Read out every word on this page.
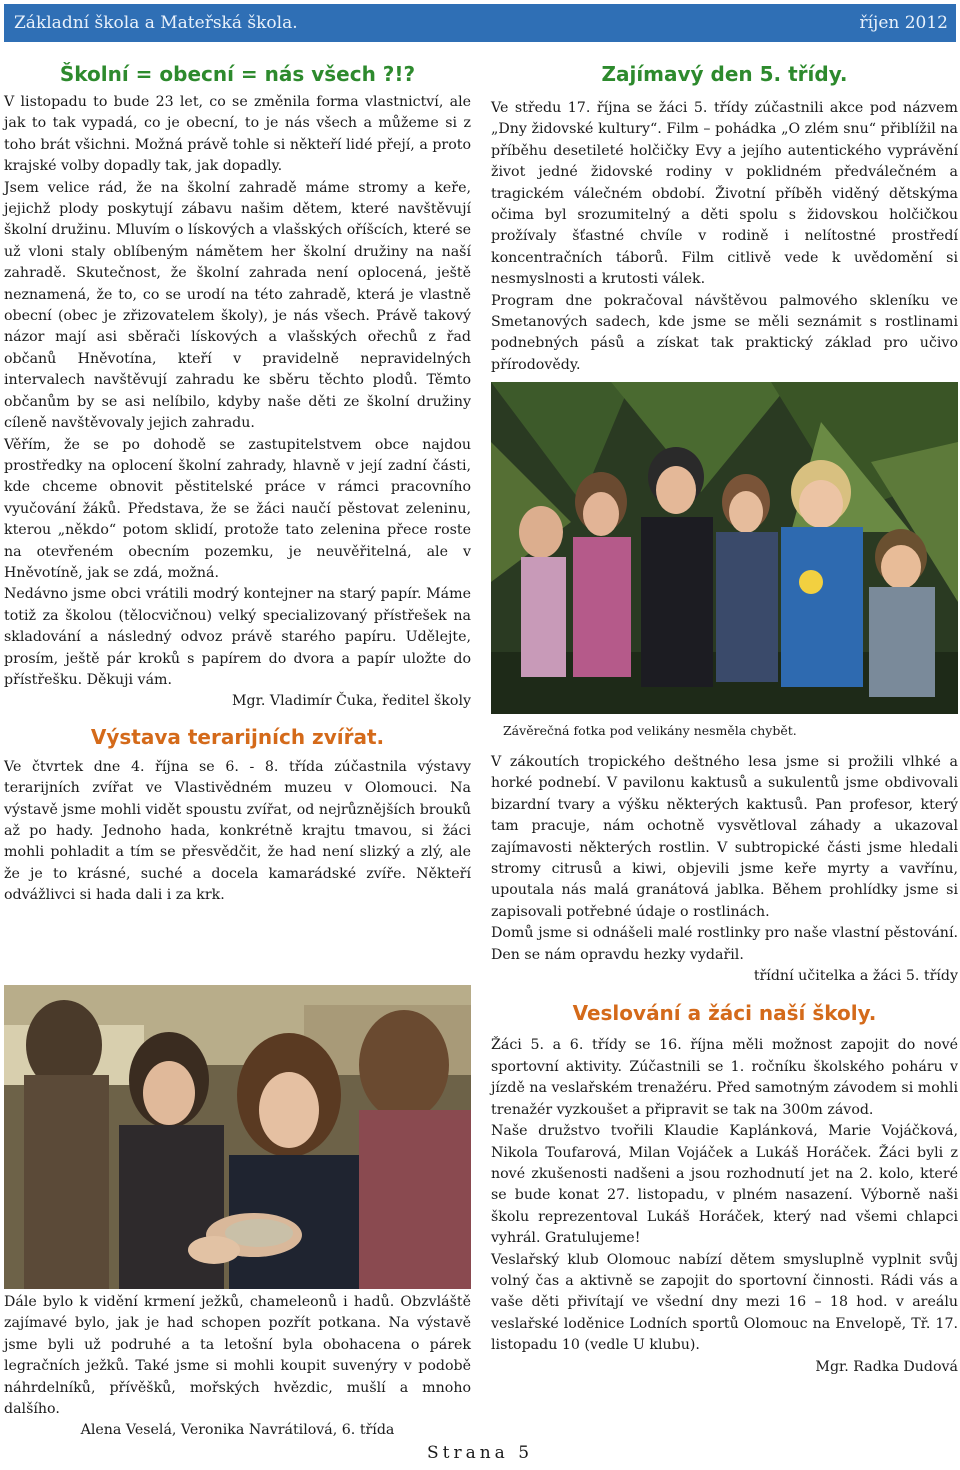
Základní škola a Mateřská škola.	říjen 2012
Školní = obecní = nás všech ?!?

V listopadu to bude 23 let, co se změnila forma vlastnictví, ale jak to tak vypadá, co je obecní, to je nás všech a můžeme si z toho brát všichni. Možná právě tohle si někteří lidé přejí, a proto krajské volby dopadly tak, jak dopadly.

Jsem velice rád, že na školní zahradě máme stromy a keře, jejichž plody poskytují zábavu našim dětem, které navštěvují školní družinu. Mluvím o lískových a vlašských oříšcích, které se už vloni staly oblíbeným námětem her školní družiny na naší zahradě. Skutečnost, že školní zahrada není oplocená, ještě neznamená, že to, co se urodí na této zahradě, která je vlastně obecní (obec je zřizovatelem školy), je nás všech. Právě takový názor mají asi sběrači lískových a vlašských ořechů z řad občanů Hněvotína, kteří v pravidelně nepravidelných intervalech navštěvují zahradu ke sběru těchto plodů. Těmto občanům by se asi nelíbilo, kdyby naše děti ze školní družiny cíleně navštěvovaly jejich zahradu.

Věřím, že se po dohodě se zastupitelstvem obce najdou prostředky na oplocení školní zahrady, hlavně v její zadní části, kde chceme obnovit pěstitelské práce v rámci pracovního vyučování žáků. Představa, že se žáci naučí pěstovat zeleninu, kterou „někdo“ potom sklidí, protože tato zelenina přece roste na otevřeném obecním pozemku, je neuvěřitelná, ale v Hněvotíně, jak se zdá, možná.

Nedávno jsme obci vrátili modrý kontejner na starý papír. Máme totiž za školou (tělocvičnou) velký specializovaný přístřešek na skladování a následný odvoz právě starého papíru. Udělejte, prosím, ještě pár kroků s papírem do dvora a papír uložte do přístřešku. Děkuji vám.

Mgr. Vladimír Čuka, ředitel školy

Výstava terarijních zvířat.

Ve čtvrtek dne 4. října se 6. - 8. třída zúčastnila výstavy terarijních zvířat ve Vlastivědném muzeu v Olomouci. Na výstavě jsme mohli vidět spoustu zvířat, od nejrůznějších brouků až po hady. Jednoho hada, konkrétně krajtu tmavou, si žáci mohli pohladit a tím se přesvědčit, že had není slizký a zlý, ale že je to krásné, suché a docela kamarádské zvíře. Někteří odvážlivci si hada dali i za krk.

Dále bylo k vidění krmení ježků, chameleonů i hadů. Obzvláště zajímavé bylo, jak je had schopen pozřít potkana. Na výstavě jsme byli už podruhé a ta letošní byla obohacena o párek legračních ježků. Také jsme si mohli koupit suvenýry v podobě náhrdelníků, přívěšků, mořských hvězdic, mušlí a mnoho dalšího.

Alena Veselá, Veronika Navrátilová, 6. třída

Zajímavý den 5. třídy.

Ve středu 17. října se žáci 5. třídy zúčastnili akce pod názvem „Dny židovské kultury“. Film – pohádka „O zlém snu“ přiblížil na příběhu desetileté holčičky Evy a jejího autentického vyprávění život jedné židovské rodiny v poklidném předválečném a tragickém válečném období. Životní příběh viděný dětskýma očima byl srozumitelný a děti spolu s židovskou holčičkou prožívaly šťastné chvíle v rodině i nelítostné prostředí koncentračních táborů. Film citlivě vede k uvědomění si nesmyslnosti a krutosti válek.

Program dne pokračoval návštěvou palmového skleníku ve Smetanových sadech, kde jsme se měli seznámit s rostlinami podnebných pásů a získat tak praktický základ pro učivo přírodovědy.

Závěrečná fotka pod velikány nesměla chybět.

V zákoutích tropického deštného lesa jsme si prožili vlhké a horké podnebí. V pavilonu kaktusů a sukulentů jsme obdivovali bizardní tvary a výšku některých kaktusů. Pan profesor, který tam pracuje, nám ochotně vysvětloval záhady a ukazoval zajímavosti některých rostlin. V subtropické části jsme hledali stromy citrusů a kiwi, objevili jsme keře myrty a vavřínu, upoutala nás malá granátová jablka. Během prohlídky jsme si zapisovali potřebné údaje o rostlinách.

Domů jsme si odnášeli malé rostlinky pro naše vlastní pěstování. Den se nám opravdu hezky vydařil.

třídní učitelka a žáci 5. třídy

Veslování a žáci naší školy.

Žáci 5. a 6. třídy se 16. října měli možnost zapojit do nové sportovní aktivity. Zúčastnili se 1. ročníku školského poháru v jízdě na veslařském trenažéru. Před samotným závodem si mohli trenažér vyzkoušet a připravit se tak na 300m závod.

Naše družstvo tvořili Klaudie Kaplánková, Marie Vojáčková, Nikola Toufarová, Milan Vojáček a Lukáš Horáček. Žáci byli z nové zkušenosti nadšeni a jsou rozhodnutí jet na 2. kolo, které se bude konat 27. listopadu, v plném nasazení. Výborně naši školu reprezentoval Lukáš Horáček, který nad všemi chlapci vyhrál. Gratulujeme!

Veslařský klub Olomouc nabízí dětem smysluplně vyplnit svůj volný čas a aktivně se zapojit do sportovní činnosti. Rádi vás a vaše děti přivítají ve všední dny mezi 16 – 18 hod. v areálu veslařské loděnice Lodních sportů Olomouc na Envelopě, Tř. 17. listopadu 10 (vedle U klubu).

Mgr. Radka Dudová

Strana 5
